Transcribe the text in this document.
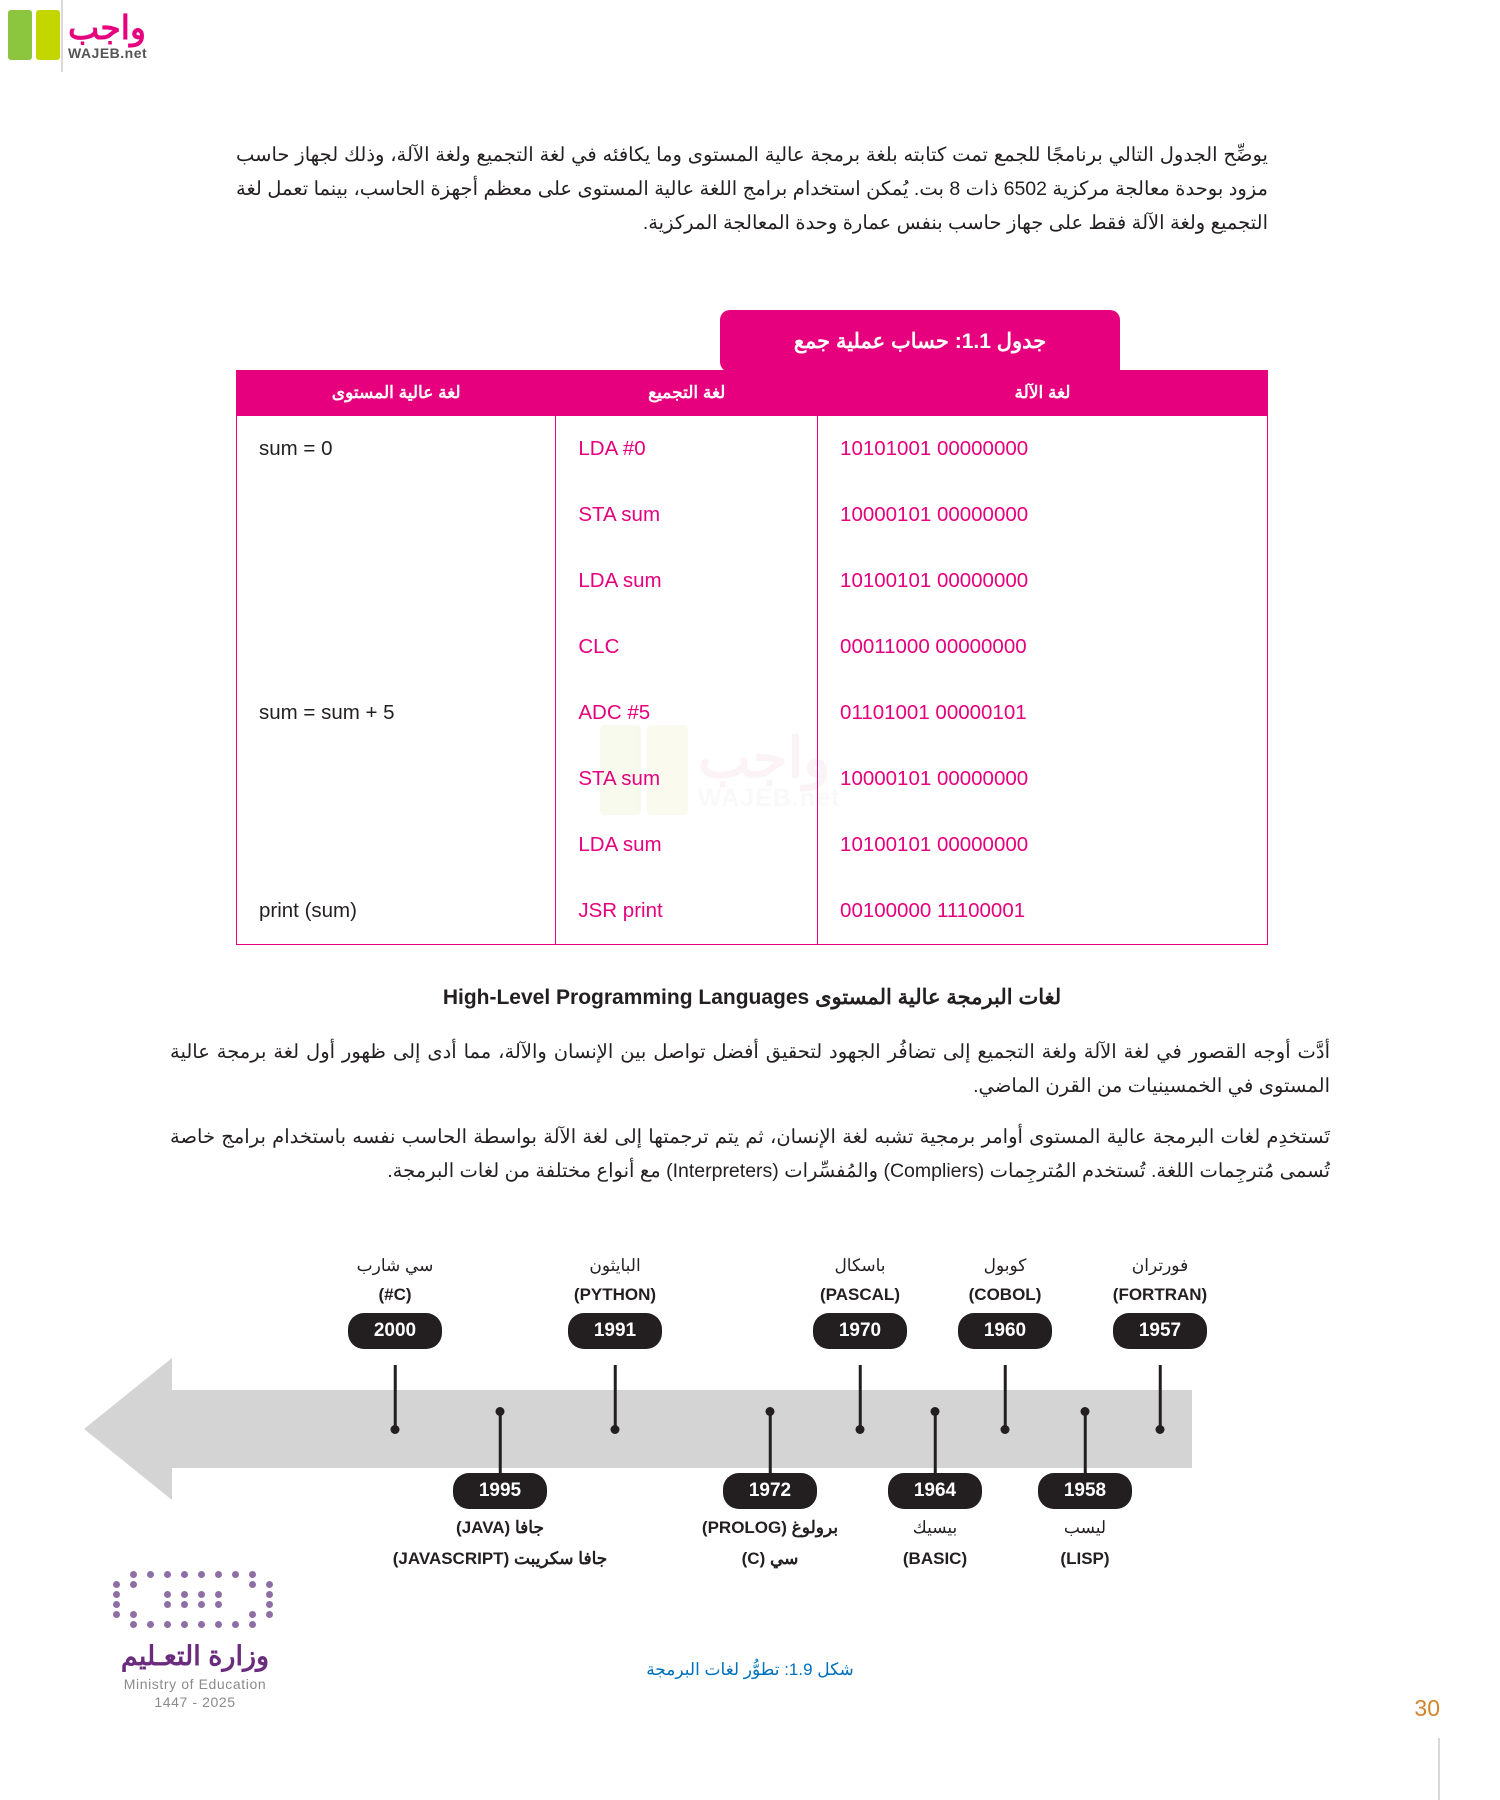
واجب
WAJEB.net
يوضِّح الجدول التالي برنامجًا للجمع تمت كتابته بلغة برمجة عالية المستوى وما يكافئه في لغة التجميع ولغة الآلة، وذلك لجهاز حاسب مزود بوحدة معالجة مركزية 6502 ذات 8 بت. يُمكن استخدام برامج اللغة عالية المستوى على معظم أجهزة الحاسب، بينما تعمل لغة التجميع ولغة الآلة فقط على جهاز حاسب بنفس عمارة وحدة المعالجة المركزية.
واجب
WAJEB.net
جدول 1.1: حساب عملية جمع
لغة الآلة	لغة التجميع	لغة عالية المستوى
10101001 00000000	LDA #0	sum = 0
10000101 00000000	STA sum	
10100101 00000000	LDA sum	
00011000 00000000	CLC	
01101001 00000101	ADC #5	sum = sum + 5
10000101 00000000	STA sum	
10100101 00000000	LDA sum	
00100000 11100001	JSR print	print (sum)
لغات البرمجة عالية المستوى High-Level Programming Languages
أدَّت أوجه القصور في لغة الآلة ولغة التجميع إلى تضافُر الجهود لتحقيق أفضل تواصل بين الإنسان والآلة، مما أدى إلى ظهور أول لغة برمجة عالية المستوى في الخمسينيات من القرن الماضي.
تَستخدِم لغات البرمجة عالية المستوى أوامر برمجية تشبه لغة الإنسان، ثم يتم ترجمتها إلى لغة الآلة بواسطة الحاسب نفسه باستخدام برامج خاصة تُسمى مُترجِمات اللغة. تُستخدم المُترجِمات (Compliers) والمُفسِّرات (Interpreters) مع أنواع مختلفة من لغات البرمجة.
سي شارب
(C#)
2000
البايثون
(PYTHON)
1991
باسكال
(PASCAL)
1970
كوبول
(COBOL)
1960
فورتران
(FORTRAN)
1957
1995
جافا (JAVA)
جافا سكريبت (JAVASCRIPT)
1972
برولوغ (PROLOG)
سي (C)
1964
بيسيك
(BASIC)
1958
ليسب
(LISP)
شكل 1.9: تطوُّر لغات البرمجة
وزارة التعـليم
Ministry of Education
2025 - 1447	30
